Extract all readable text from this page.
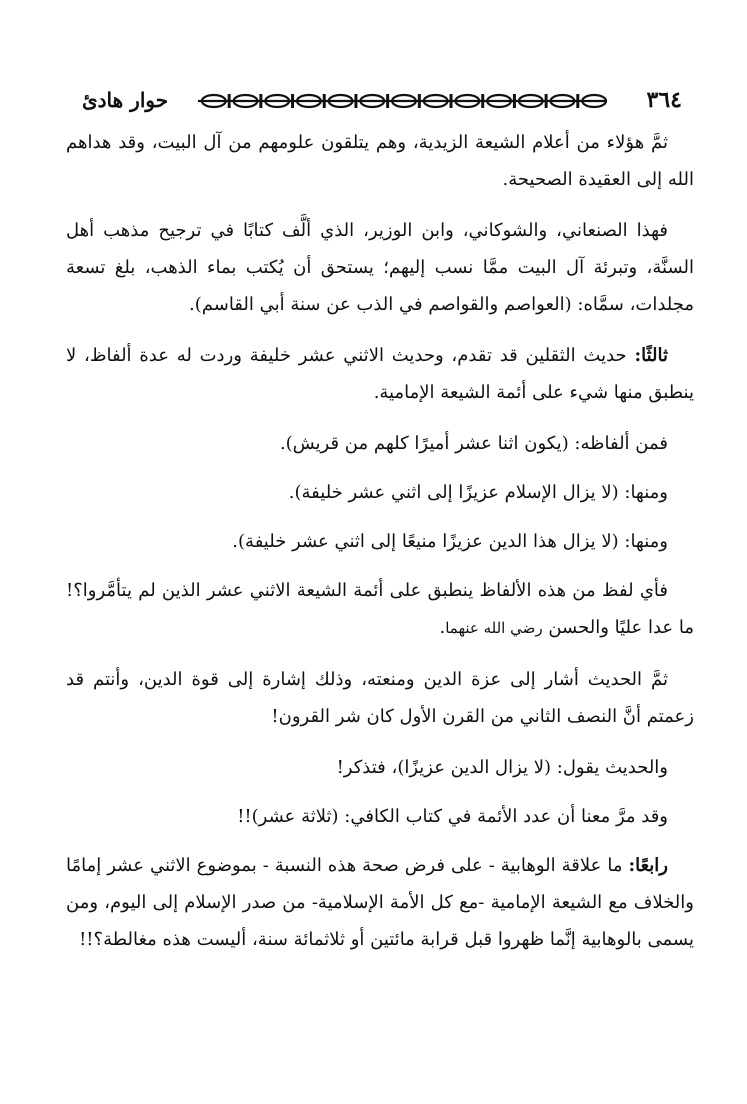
٣٦٤
حوار هادئ

ثمَّ هؤلاء من أعلام الشيعة الزيدية، وهم يتلقون علومهم من آل البيت، وقد هداهم الله إلى العقيدة الصحيحة.

فهذا الصنعاني، والشوكاني، وابن الوزير، الذي ألَّف كتابًا في ترجيح مذهب أهل السنَّة، وتبرئة آل البيت ممَّا نسب إليهم؛ يستحق أن يُكتب بماء الذهب، بلغ تسعة مجلدات، سمَّاه: (العواصم والقواصم في الذب عن سنة أبي القاسم).

ثالثًا: حديث الثقلين قد تقدم، وحديث الاثني عشر خليفة وردت له عدة ألفاظ، لا ينطبق منها شيء على أئمة الشيعة الإمامية.

فمن ألفاظه: (يكون اثنا عشر أميرًا كلهم من قريش).

ومنها: (لا يزال الإسلام عزيزًا إلى اثني عشر خليفة).

ومنها: (لا يزال هذا الدين عزيزًا منيعًا إلى اثني عشر خليفة).

فأي لفظ من هذه الألفاظ ينطبق على أئمة الشيعة الاثني عشر الذين لم يتأمَّروا؟! ما عدا عليًا والحسن رضي الله عنهما.

ثمَّ الحديث أشار إلى عزة الدين ومنعته، وذلك إشارة إلى قوة الدين، وأنتم قد زعمتم أنَّ النصف الثاني من القرن الأول كان شر القرون!

والحديث يقول: (لا يزال الدين عزيزًا)، فتذكر!

وقد مرَّ معنا أن عدد الأئمة في كتاب الكافي: (ثلاثة عشر)!!

رابعًا: ما علاقة الوهابية - على فرض صحة هذه النسبة - بموضوع الاثني عشر إمامًا والخلاف مع الشيعة الإمامية -مع كل الأمة الإسلامية- من صدر الإسلام إلى اليوم، ومن يسمى بالوهابية إنَّما ظهروا قبل قرابة مائتين أو ثلاثمائة سنة، أليست هذه مغالطة؟!!
